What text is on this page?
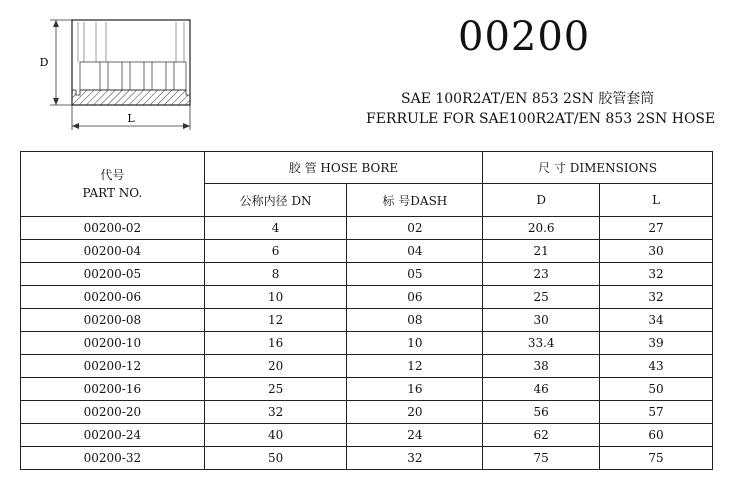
D
L
00200
SAE 100R2AT/EN 853 2SN 胶管套筒
FERRULE FOR SAE100R2AT/EN 853 2SN HOSE
代号
PART NO.	胶 管 HOSE BORE		尺 寸 DIMENSIONS	
	公称内径 DN	标 号DASH	D	L
00200-02	4	02	20.6	27
00200-04	6	04	21	30
00200-05	8	05	23	32
00200-06	10	06	25	32
00200-08	12	08	30	34
00200-10	16	10	33.4	39
00200-12	20	12	38	43
00200-16	25	16	46	50
00200-20	32	20	56	57
00200-24	40	24	62	60
00200-32	50	32	75	75
